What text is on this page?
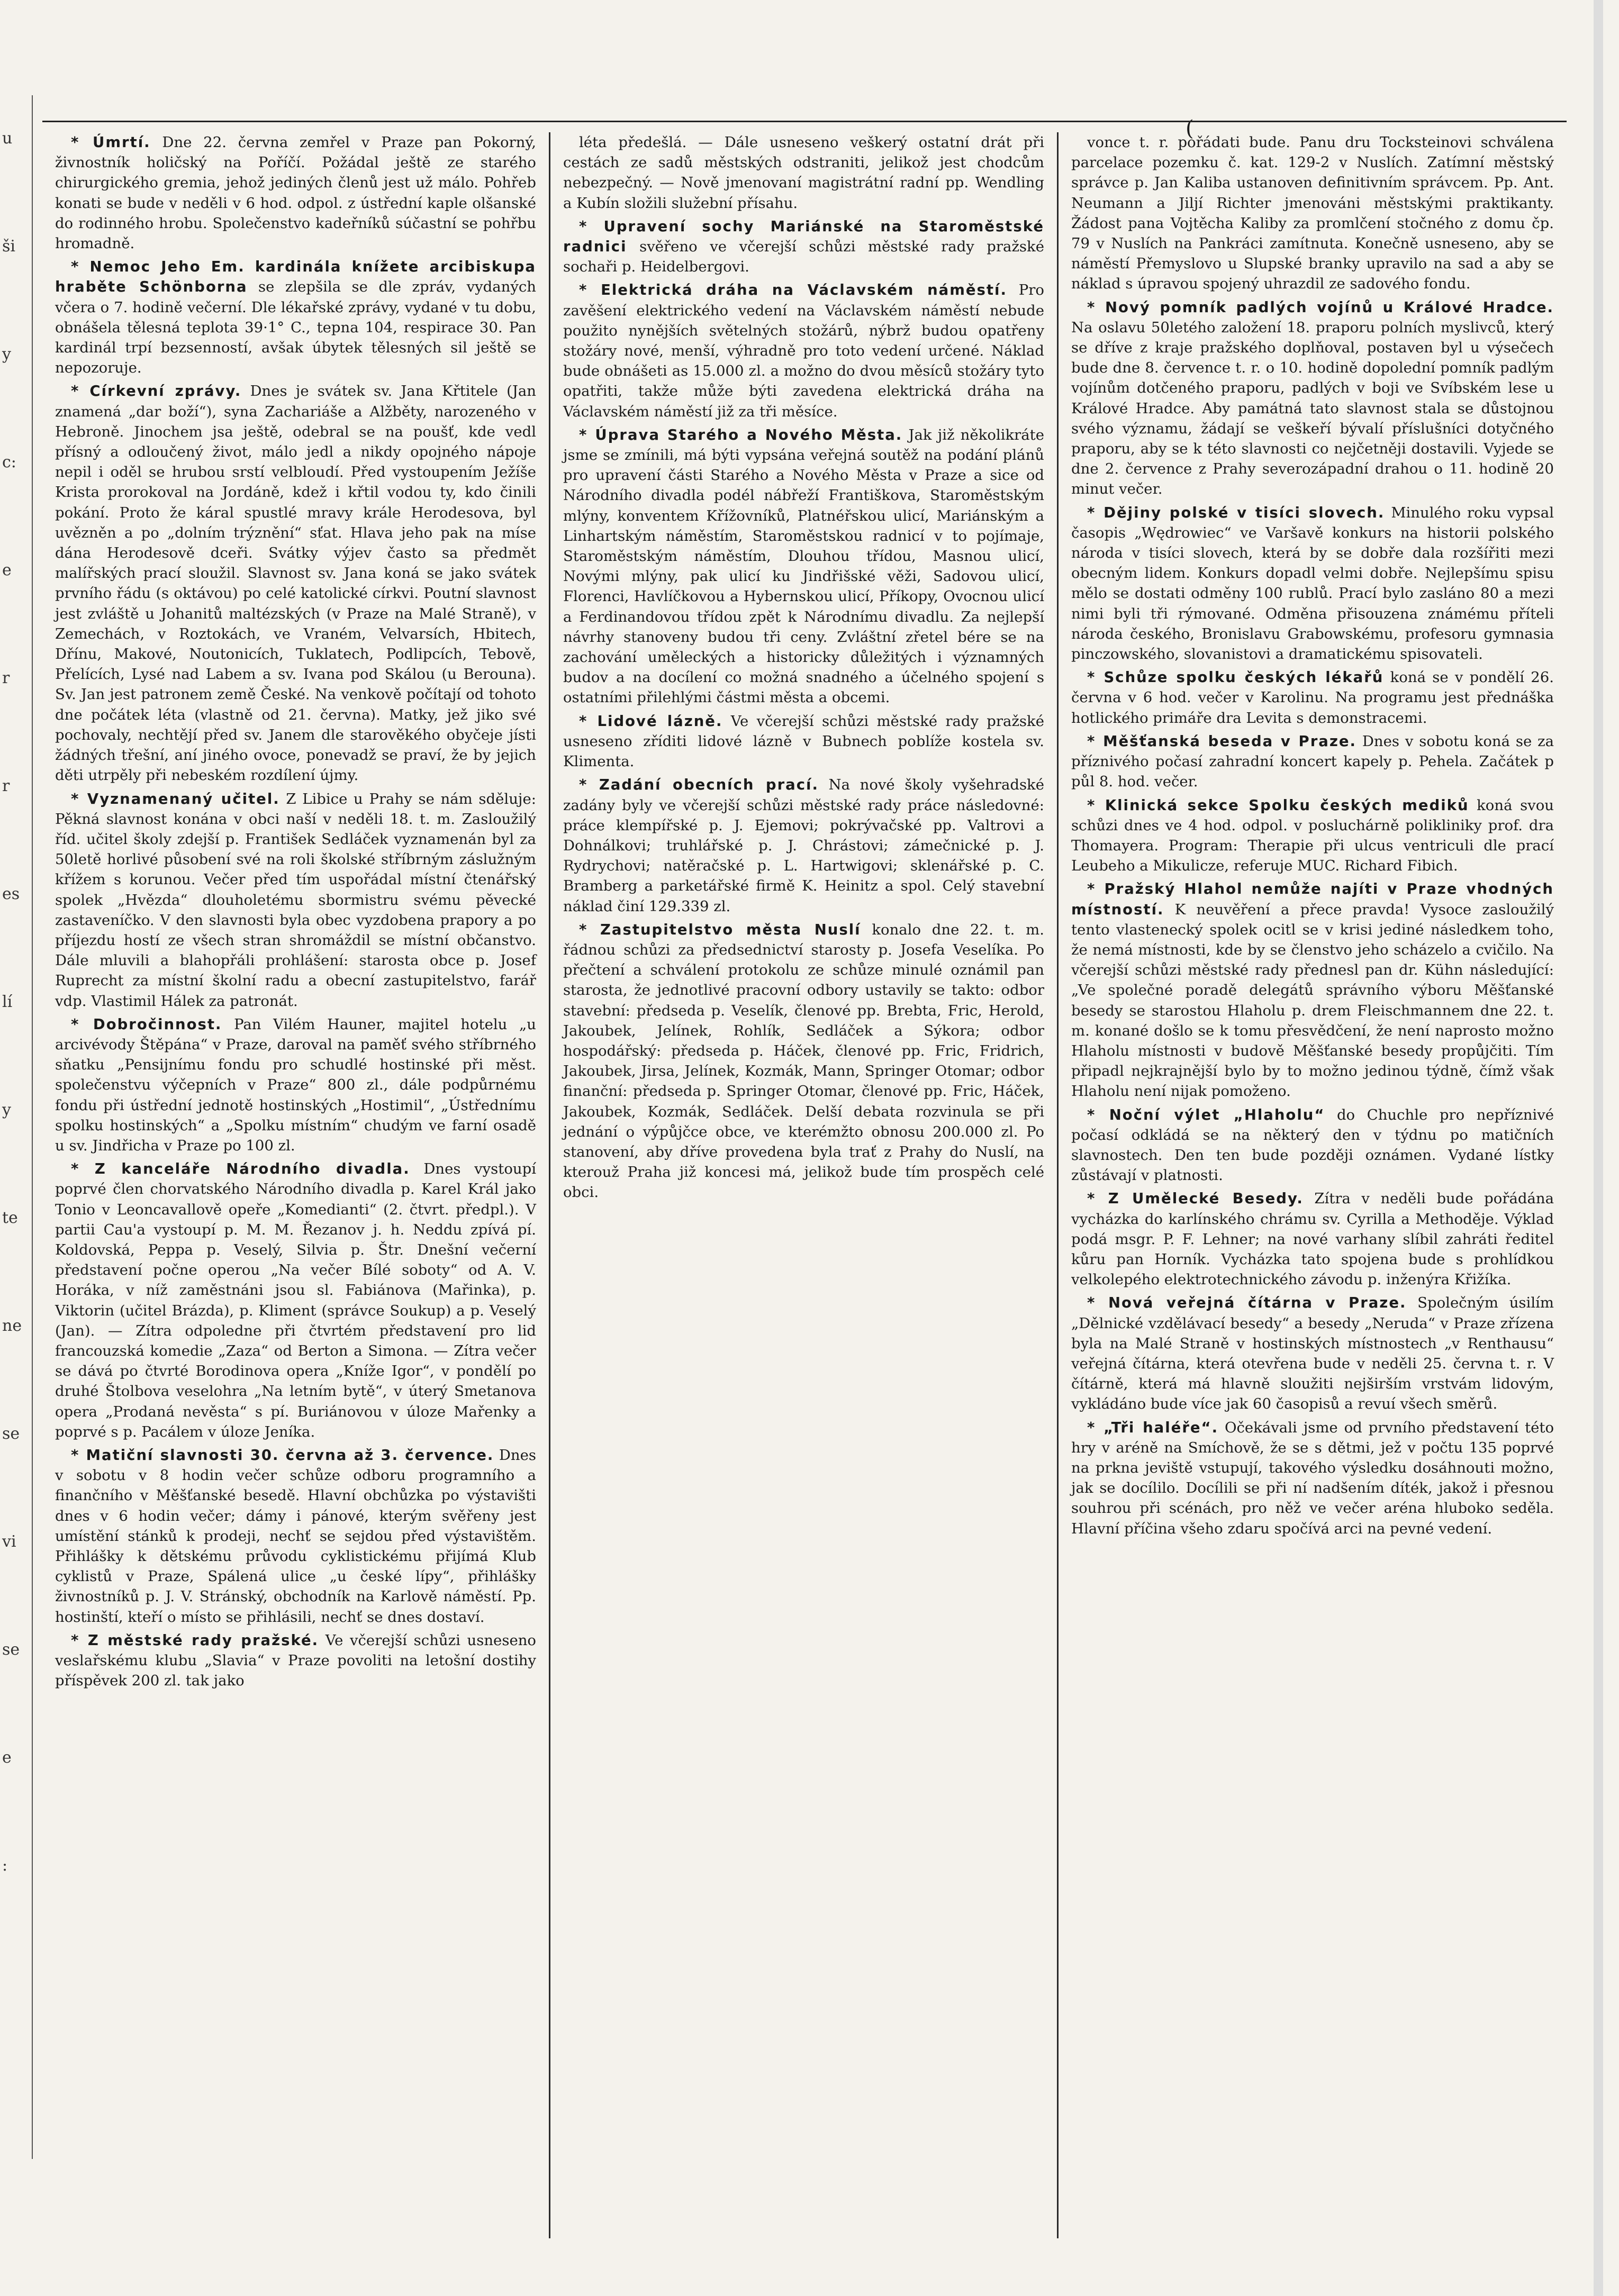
u
ši
y
c:
e
r
r
es
lí
y
te
ne
se
vi
se
e
:
(

* Úmrtí. Dne 22. června zemřel v Praze pan Pokorný, živnostník holičský na Poříčí. Požádal ještě ze starého chirurgického gremia, jehož jediných členů jest už málo. Pohřeb konati se bude v neděli v 6 hod. odpol. z ústřední kaple olšanské do rodinného hrobu. Společenstvo kadeřníků súčastní se pohřbu hromadně.

* Nemoc Jeho Em. kardinála knížete arcibiskupa hraběte Schönborna se zlepšila se dle zpráv, vydaných včera o 7. hodině večerní. Dle lékařské zprávy, vydané v tu dobu, obnášela tělesná teplota 39·1° C., tepna 104, respirace 30. Pan kardinál trpí bezsenností, avšak úbytek tělesných sil ještě se nepozoruje.

* Církevní zprávy. Dnes je svátek sv. Jana Křtitele (Jan znamená „dar boží“), syna Zachariáše a Alžběty, narozeného v Hebroně. Jinochem jsa ještě, odebral se na poušť, kde vedl přísný a odloučený život, málo jedl a nikdy opojného nápoje nepil i oděl se hrubou srstí velbloudí. Před vystoupením Ježíše Krista prorokoval na Jordáně, kdež i křtil vodou ty, kdo činili pokání. Proto že káral spustlé mravy krále Herodesova, byl uvězněn a po „dolním trýznění“ sťat. Hlava jeho pak na míse dána Herodesově dceři. Svátky výjev často sa předmět malířských prací sloužil. Slavnost sv. Jana koná se jako svátek prvního řádu (s oktávou) po celé katolické církvi. Poutní slavnost jest zvláště u Johanitů maltézských (v Praze na Malé Straně), v Zemechách, v Roztokách, ve Vraném, Velvarsích, Hbitech, Dřínu, Makové, Noutonicích, Tuklatech, Podlipcích, Tebově, Přelících, Lysé nad Labem a sv. Ivana pod Skálou (u Berouna). Sv. Jan jest patronem země České. Na venkově počítají od tohoto dne počátek léta (vlastně od 21. června). Matky, jež jiko své pochovaly, nechtějí před sv. Janem dle starověkého obyčeje jísti žádných třešní, aní jiného ovoce, ponevadž se praví, že by jejich děti utrpěly při nebeském rozdílení újmy.

* Vyznamenaný učitel. Z Libice u Prahy se nám sděluje: Pěkná slavnost konána v obci naší v neděli 18. t. m. Zasloužilý říd. učitel školy zdejší p. František Sedláček vyznamenán byl za 50letě horlivé působení své na roli školské stříbrným záslužným křížem s korunou. Večer před tím uspořádal místní čtenářský spolek „Hvězda“ dlouholetému sbormistru svému pěvecké zastaveníčko. V den slavnosti byla obec vyzdobena prapory a po příjezdu hostí ze všech stran shromáždil se místní občanstvo. Dále mluvili a blahopřáli prohlášení: starosta obce p. Josef Ruprecht za místní školní radu a obecní zastupitelstvo, farář vdp. Vlastimil Hálek za patronát.

* Dobročinnost. Pan Vilém Hauner, majitel hotelu „u arcivévody Štěpána“ v Praze, daroval na paměť svého stříbrného sňatku „Pensijnímu fondu pro schudlé hostinské při měst. společenstvu výčepních v Praze“ 800 zl., dále podpůrnému fondu při ústřední jednotě hostinských „Hostimil“, „Ústřednímu spolku hostinských“ a „Spolku místním“ chudým ve farní osadě u sv. Jindřicha v Praze po 100 zl.

* Z kanceláře Národního divadla. Dnes vystoupí poprvé člen chorvatského Národního divadla p. Karel Král jako Tonio v Leoncavallově opeře „Komedianti“ (2. čtvrt. předpl.). V partii Cau'a vystoupí p. M. M. Řezanov j. h. Neddu zpívá pí. Koldovská, Peppa p. Veselý, Silvia p. Štr. Dnešní večerní představení počne operou „Na večer Bílé soboty“ od A. V. Horáka, v níž zaměstnáni jsou sl. Fabiánova (Mařinka), p. Viktorin (učitel Brázda), p. Kliment (správce Soukup) a p. Veselý (Jan). — Zítra odpoledne při čtvrtém představení pro lid francouzská komedie „Zaza“ od Berton a Simona. — Zítra večer se dává po čtvrté Borodinova opera „Kníže Igor“, v pondělí po druhé Štolbova veselohra „Na letním bytě“, v úterý Smetanova opera „Prodaná nevěsta“ s pí. Buriánovou v úloze Mařenky a poprvé s p. Pacálem v úloze Jeníka.

* Matiční slavnosti 30. června až 3. července. Dnes v sobotu v 8 hodin večer schůze odboru programního a finančního v Měšťanské besedě. Hlavní obchůzka po výstavišti dnes v 6 hodin večer; dámy i pánové, kterým svěřeny jest umístění stánků k prodeji, nechť se sejdou před výstavištěm. Přihlášky k dětskému průvodu cyklistickému přijímá Klub cyklistů v Praze, Spálená ulice „u české lípy“, přihlášky živnostníků p. J. V. Stránský, obchodník na Karlově náměstí. Pp. hostinští, kteří o místo se přihlásili, nechť se dnes dostaví.

* Z městské rady pražské. Ve včerejší schůzi usneseno veslařskému klubu „Slavia“ v Praze povoliti na letošní dostihy příspěvek 200 zl. tak jako

léta předešlá. — Dále usneseno veškerý ostatní drát při cestách ze sadů městských odstraniti, jelikož jest chodcům nebezpečný. — Nově jmenovaní magistrátní radní pp. Wendling a Kubín složili služební přísahu.

* Upravení sochy Mariánské na Staroměstské radnici svěřeno ve včerejší schůzi městské rady pražské sochaři p. Heidelbergovi.

* Elektrická dráha na Václavském náměstí. Pro zavěšení elektrického vedení na Václavském náměstí nebude použito nynějších světelných stožárů, nýbrž budou opatřeny stožáry nové, menší, výhradně pro toto vedení určené. Náklad bude obnášeti as 15.000 zl. a možno do dvou měsíců stožáry tyto opatřiti, takže může býti zavedena elektrická dráha na Václavském náměstí již za tři měsíce.

* Úprava Starého a Nového Města. Jak již několikráte jsme se zmínili, má býti vypsána veřejná soutěž na podání plánů pro upravení části Starého a Nového Města v Praze a sice od Národního divadla podél nábřeží Františkova, Staroměstským mlýny, konventem Křížovníků, Platnéřskou ulicí, Mariánským a Linhartským náměstím, Staroměstskou radnicí v to pojímaje, Staroměstským náměstím, Dlouhou třídou, Masnou ulicí, Novými mlýny, pak ulicí ku Jindřišské věži, Sadovou ulicí, Florenci, Havlíčkovou a Hybernskou ulicí, Příkopy, Ovocnou ulicí a Ferdinandovou třídou zpět k Národnímu divadlu. Za nejlepší návrhy stanoveny budou tři ceny. Zvláštní zřetel bére se na zachování uměleckých a historicky důležitých i významných budov a na docílení co možná snadného a účelného spojení s ostatními přilehlými částmi města a obcemi.

* Lidové lázně. Ve včerejší schůzi městské rady pražské usneseno zříditi lidové lázně v Bubnech poblíže kostela sv. Klimenta.

* Zadání obecních prací. Na nové školy vyšehradské zadány byly ve včerejší schůzi městské rady práce následovné: práce klempířské p. J. Ejemovi; pokrývačské pp. Valtrovi a Dohnálkovi; truhlářské p. J. Chrástovi; zámečnické p. J. Rydrychovi; natěračské p. L. Hartwigovi; sklenářské p. C. Bramberg a parketářské firmě K. Heinitz a spol. Celý stavební náklad činí 129.339 zl.

* Zastupitelstvo města Nuslí konalo dne 22. t. m. řádnou schůzi za předsednictví starosty p. Josefa Veselíka. Po přečtení a schválení protokolu ze schůze minulé oznámil pan starosta, že jednotlivé pracovní odbory ustavily se takto: odbor stavební: předseda p. Veselík, členové pp. Brebta, Fric, Herold, Jakoubek, Jelínek, Rohlík, Sedláček a Sýkora; odbor hospodářský: předseda p. Háček, členové pp. Fric, Fridrich, Jakoubek, Jirsa, Jelínek, Kozmák, Mann, Springer Otomar; odbor finanční: předseda p. Springer Otomar, členové pp. Fric, Háček, Jakoubek, Kozmák, Sedláček. Delší debata rozvinula se při jednání o výpůjčce obce, ve kterémžto obnosu 200.000 zl. Po stanovení, aby dříve provedena byla trať z Prahy do Nuslí, na kterouž Praha již koncesi má, jelikož bude tím prospěch celé obci.

vonce t. r. pořádati bude. Panu dru Tocksteinovi schválena parcelace pozemku č. kat. 129-2 v Nuslích. Zatímní městský správce p. Jan Kaliba ustanoven definitivním správcem. Pp. Ant. Neumann a Jiljí Richter jmenováni městskými praktikanty. Žádost pana Vojtěcha Kaliby za promlčení stočného z domu čp. 79 v Nuslích na Pankráci zamítnuta. Konečně usneseno, aby se náměstí Přemyslovo u Slupské branky upravilo na sad a aby se náklad s úpravou spojený uhrazdil ze sadového fondu.

* Nový pomník padlých vojínů u Králové Hradce. Na oslavu 50letého založení 18. praporu polních myslivců, který se dříve z kraje pražského doplňoval, postaven byl u výsečech bude dne 8. července t. r. o 10. hodině dopolední pomník padlým vojínům dotčeného praporu, padlých v boji ve Svíbském lese u Králové Hradce. Aby památná tato slavnost stala se důstojnou svého významu, žádají se veškeří bývalí příslušníci dotyčného praporu, aby se k této slavnosti co nejčetněji dostavili. Vyjede se dne 2. července z Prahy severozápadní drahou o 11. hodině 20 minut večer.

* Dějiny polské v tisíci slovech. Minulého roku vypsal časopis „Wędrowiec“ ve Varšavě konkurs na historii polského národa v tisíci slovech, která by se dobře dala rozšířiti mezi obecným lidem. Konkurs dopadl velmi dobře. Nejlepšímu spisu mělo se dostati odměny 100 rublů. Prací bylo zasláno 80 a mezi nimi byli tři rýmované. Odměna přisouzena známému příteli národa českého, Bronislavu Grabowskému, profesoru gymnasia pinczowského, slovanistovi a dramatickému spisovateli.

* Schůze spolku českých lékařů koná se v pondělí 26. června v 6 hod. večer v Karolinu. Na programu jest přednáška hotlického primáře dra Levita s demonstracemi.

* Měšťanská beseda v Praze. Dnes v sobotu koná se za příznivého počasí zahradní koncert kapely p. Pehela. Začátek p půl 8. hod. večer.

* Klinická sekce Spolku českých mediků koná svou schůzi dnes ve 4 hod. odpol. v posluchárně polikliniky prof. dra Thomayera. Program: Therapie při ulcus ventriculi dle prací Leubeho a Mikulicze, referuje MUC. Richard Fibich.

* Pražský Hlahol nemůže najíti v Praze vhodných místností. K neuvěření a přece pravda! Vysoce zasloužilý tento vlastenecký spolek ocitl se v krisi jediné následkem toho, že nemá místnosti, kde by se členstvo jeho scházelo a cvičilo. Na včerejší schůzi městské rady přednesl pan dr. Kühn následující: „Ve společné poradě delegátů správního výboru Měšťanské besedy se starostou Hlaholu p. drem Fleischmannem dne 22. t. m. konané došlo se k tomu přesvědčení, že není naprosto možno Hlaholu místnosti v budově Měšťanské besedy propůjčiti. Tím připadl nejkrajnější bylo by to možno jedinou týdně, čímž však Hlaholu není nijak pomoženo.

* Noční výlet „Hlaholu“ do Chuchle pro nepříznivé počasí odkládá se na některý den v týdnu po matičních slavnostech. Den ten bude později oznámen. Vydané lístky zůstávají v platnosti.

* Z Umělecké Besedy. Zítra v neděli bude pořádána vycházka do karlínského chrámu sv. Cyrilla a Methoděje. Výklad podá msgr. P. F. Lehner; na nové varhany slíbil zahráti ředitel kůru pan Horník. Vycházka tato spojena bude s prohlídkou velkolepého elektrotechnického závodu p. inženýra Křižíka.

* Nová veřejná čítárna v Praze. Společným úsilím „Dělnické vzdělávací besedy“ a besedy „Neruda“ v Praze zřízena byla na Malé Straně v hostinských místnostech „v Renthausu“ veřejná čítárna, která otevřena bude v neděli 25. června t. r. V čítárně, která má hlavně sloužiti nejširším vrstvám lidovým, vykládáno bude více jak 60 časopisů a revuí všech směrů.

* „Tři haléře“. Očekávali jsme od prvního představení této hry v aréně na Smíchově, že se s dětmi, jež v počtu 135 poprvé na prkna jeviště vstupují, takového výsledku dosáhnouti možno, jak se docílilo. Docílili se při ní nadšením díték, jakož i přesnou souhrou při scénách, pro něž ve večer aréna hluboko seděla. Hlavní příčina všeho zdaru spočívá arci na pevné vedení.
